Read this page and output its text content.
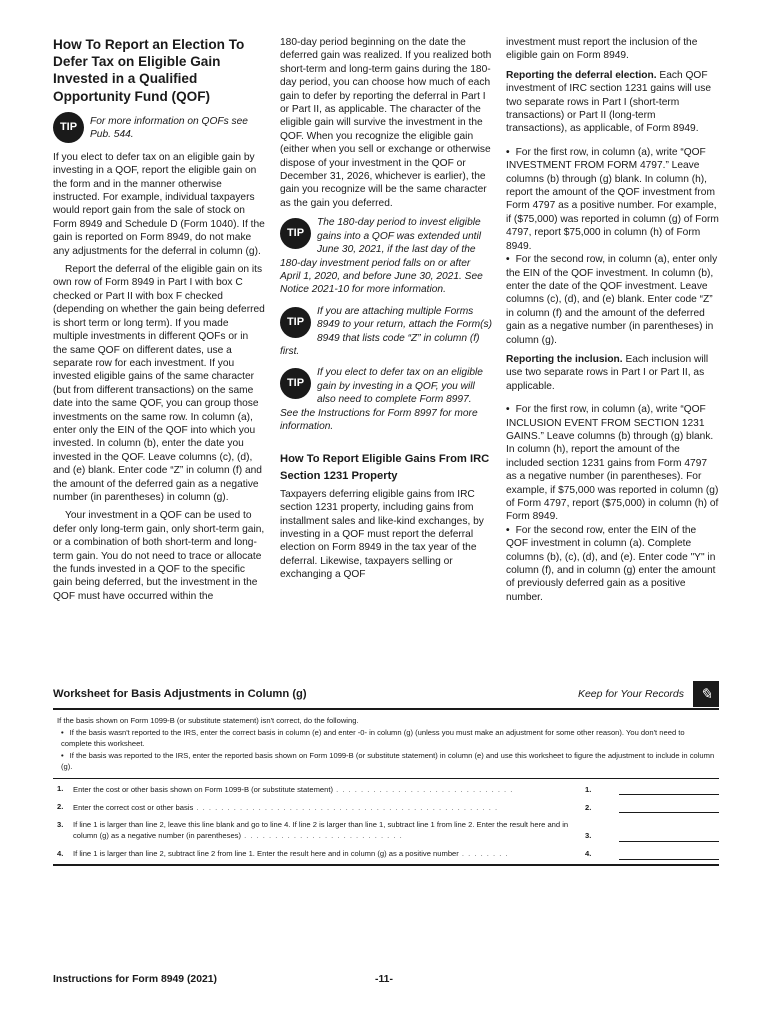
How To Report an Election To Defer Tax on Eligible Gain Invested in a Qualified Opportunity Fund (QOF)
TIP	For more information on QOFs see Pub. 544.

If you elect to defer tax on an eligible gain by investing in a QOF, report the eligible gain on the form and in the manner otherwise instructed. For example, individual taxpayers would report gain from the sale of stock on Form 8949 and Schedule D (Form 1040). If the gain is reported on Form 8949, do not make any adjustments for the deferral in column (g).

Report the deferral of the eligible gain on its own row of Form 8949 in Part I with box C checked or Part II with box F checked (depending on whether the gain being deferred is short term or long term). If you made multiple investments in different QOFs or in the same QOF on different dates, use a separate row for each investment. If you invested eligible gains of the same character (but from different transactions) on the same date into the same QOF, you can group those investments on the same row. In column (a), enter only the EIN of the QOF into which you invested. In column (b), enter the date you invested in the QOF. Leave columns (c), (d), and (e) blank. Enter code “Z” in column (f) and the amount of the deferred gain as a negative number (in parentheses) in column (g).

Your investment in a QOF can be used to defer only long-term gain, only short-term gain, or a combination of both short-term and long-term gain. You do not need to trace or allocate the funds invested in a QOF to the specific gain being deferred, but the investment in the QOF must have occurred within the

180-day period beginning on the date the deferred gain was realized. If you realized both short-term and long-term gains during the 180-day period, you can choose how much of each gain to defer by reporting the deferral in Part I or Part II, as applicable. The character of the eligible gain will survive the investment in the QOF. When you recognize the eligible gain (either when you sell or exchange or otherwise dispose of your investment in the QOF or December 31, 2026, whichever is earlier), the gain you recognize will be the same character as the gain you deferred.

TIP

The 180-day period to invest eligible gains into a QOF was extended until June 30, 2021, if the last day of the 180-day investment period falls on or after April 1, 2020, and before June 30, 2021. See Notice 2021-10 for more information.

TIP

If you are attaching multiple Forms 8949 to your return, attach the Form(s) 8949 that lists code “Z” in column (f) first.

TIP

If you elect to defer tax on an eligible gain by investing in a QOF, you will also need to complete Form 8997. See the Instructions for Form 8997 for more information.

How To Report Eligible Gains From IRC Section 1231 Property

Taxpayers deferring eligible gains from IRC section 1231 property, including gains from installment sales and like-kind exchanges, by investing in a QOF must report the deferral election on Form 8949 in the tax year of the deferral. Likewise, taxpayers selling or exchanging a QOF

investment must report the inclusion of the eligible gain on Form 8949.

Reporting the deferral election. Each QOF investment of IRC section 1231 gains will use two separate rows in Part I (short-term transactions) or Part II (long-term transactions), as applicable, of Form 8949.

• For the first row, in column (a), write “QOF INVESTMENT FROM FORM 4797.” Leave columns (b) through (g) blank. In column (h), report the amount of the QOF investment from Form 4797 as a positive number. For example, if ($75,000) was reported in column (g) of Form 4797, report $75,000 in column (h) of Form 8949.

• For the second row, in column (a), enter only the EIN of the QOF investment. In column (b), enter the date of the QOF investment. Leave columns (c), (d), and (e) blank. Enter code “Z” in column (f) and the amount of the deferred gain as a negative number (in parentheses) in column (g).

Reporting the inclusion. Each inclusion will use two separate rows in Part I or Part II, as applicable.

• For the first row, in column (a), write “QOF INCLUSION EVENT FROM SECTION 1231 GAINS.” Leave columns (b) through (g) blank. In column (h), report the amount of the included section 1231 gains from Form 4797 as a negative number (in parentheses). For example, if $75,000 was reported in column (g) of Form 4797, report ($75,000) in column (h) of Form 8949.

• For the second row, enter the EIN of the QOF investment in column (a). Complete columns (b), (c), (d), and (e). Enter code "Y" in column (f), and in column (g) enter the amount of previously deferred gain as a positive number.

Worksheet for Basis Adjustments in Column (g)	Keep for Your Records	✎

If the basis shown on Form 1099-B (or substitute statement) isn't correct, do the following.

• If the basis wasn't reported to the IRS, enter the correct basis in column (e) and enter -0- in column (g) (unless you must make an adjustment for some other reason). You don't need to complete this worksheet.

• If the basis was reported to the IRS, enter the reported basis shown on Form 1099-B (or substitute statement) in column (e) and use this worksheet to figure the adjustment to include in column (g).

1.	Enter the cost or other basis shown on Form 1099-B (or substitute statement) . . . . . . . . . . . . . . . . . . . . . . . . . . . . .	1.
2.	Enter the correct cost or other basis . . . . . . . . . . . . . . . . . . . . . . . . . . . . . . . . . . . . . . . . . . . . . . . . .	2.
3.	If line 1 is larger than line 2, leave this line blank and go to line 4. If line 2 is larger than line 1, subtract line 1 from line 2. Enter the result here and in column (g) as a negative number (in parentheses) . . . . . . . . . . . . . . . . . . . . . . . . . .	3.
4.	If line 1 is larger than line 2, subtract line 2 from line 1. Enter the result here and in column (g) as a positive number . . . . . . . .	4.
Instructions for Form 8949 (2021)	-11-
